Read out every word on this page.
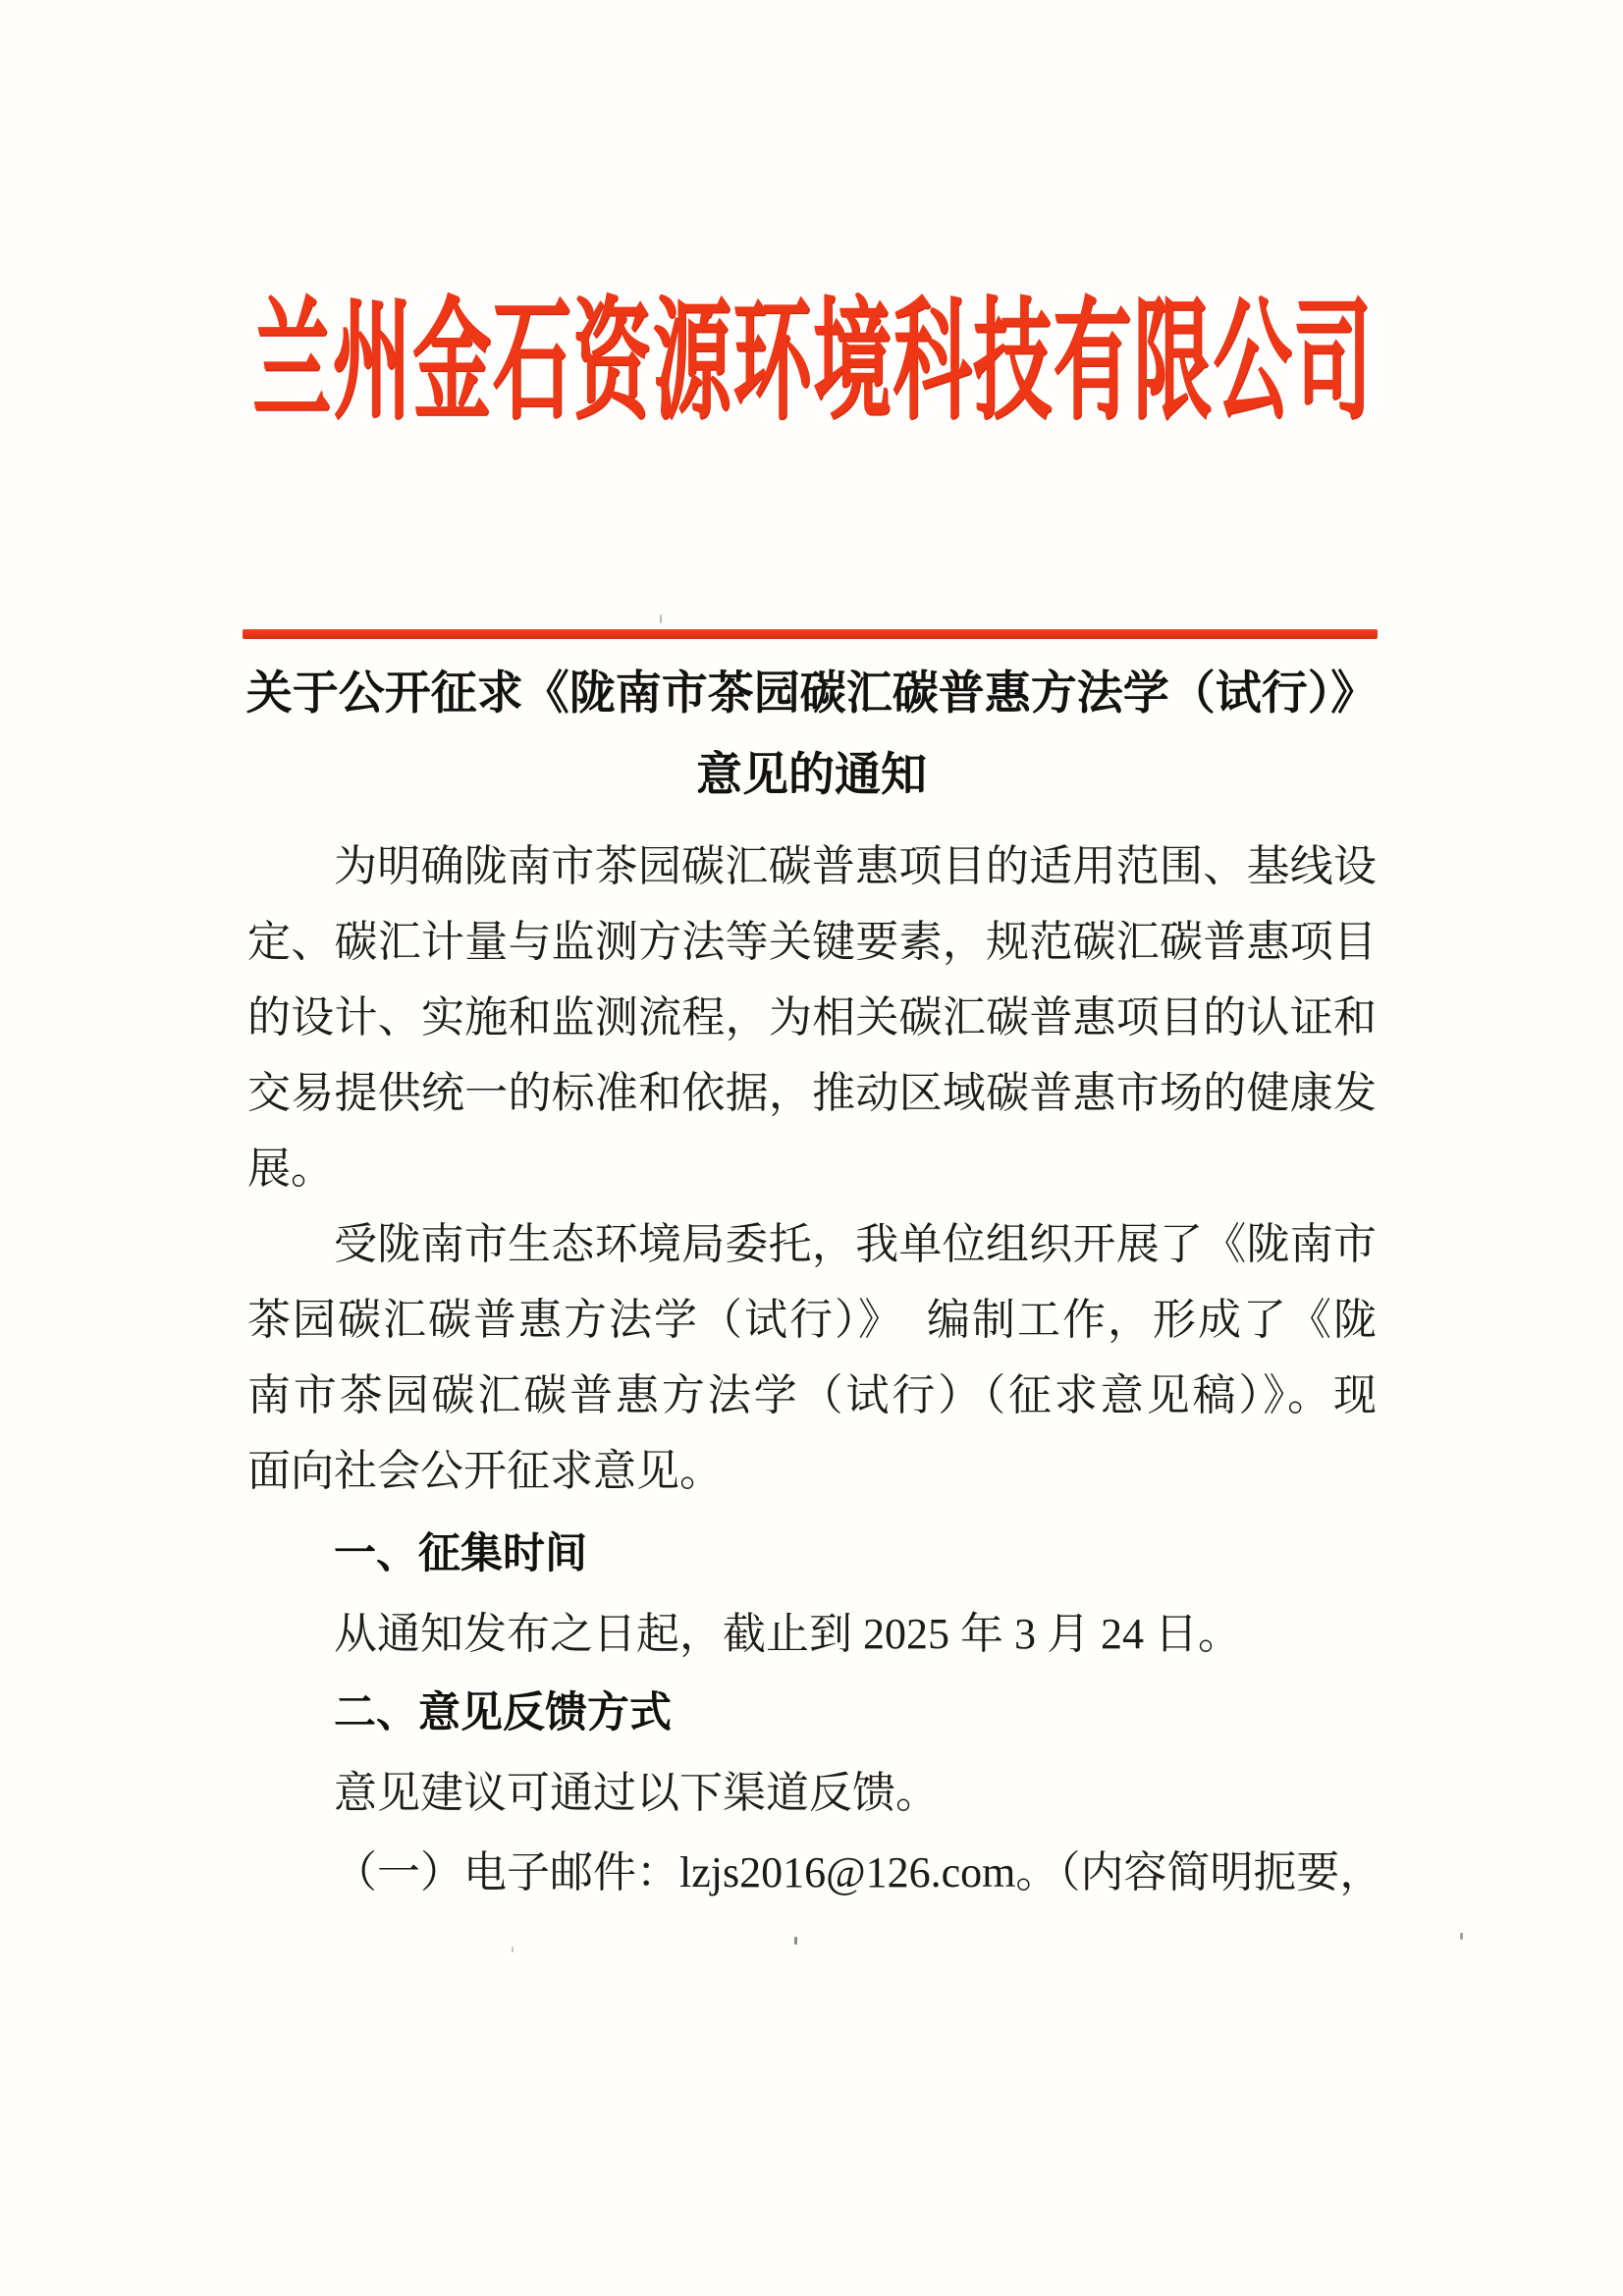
兰 州 金 石 资 源 环 境 科 技 有 限 公 司
关于公开征求《陇南市茶园碳汇碳普惠方法学（试行）》
意见的通知
为明确陇南市茶园碳汇碳普惠项目的适用范围、基线设
定、碳汇计量与监测方法等关键要素，规范碳汇碳普惠项目
的设计、实施和监测流程，为相关碳汇碳普惠项目的认证和
交易提供统一的标准和依据，推动区域碳普惠市场的健康发
展。
受陇南市生态环境局委托，我单位组织开展了《陇南市
茶园碳汇碳普惠方法学（试行）》　编制工作，形成了《陇
南市茶园碳汇碳普惠方法学（试行）（征求意见稿）》。现
面向社会公开征求意见。
一、征集时间
从通知发布之日起，截止到 2025 年 3 月 24 日。
二、意见反馈方式
意见建议可通过以下渠道反馈。
（一）电子邮件：lzjs2016@126.com。（内容简明扼要，
